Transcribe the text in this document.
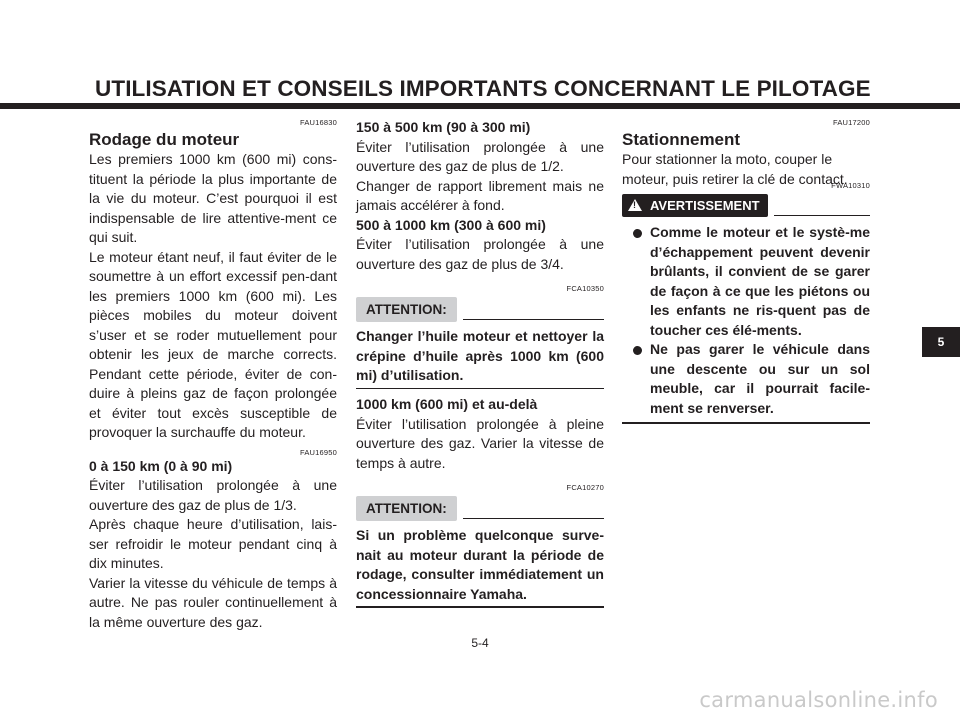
UTILISATION ET CONSEILS IMPORTANTS CONCERNANT LE PILOTAGE
FAU16830
Rodage du moteur

Les premiers 1000 km (600 mi) cons-tituent la période la plus importante de la vie du moteur. C’est pourquoi il est indispensable de lire attentive-ment ce qui suit.

Le moteur étant neuf, il faut éviter de le soumettre à un effort excessif pen-dant les premiers 1000 km (600 mi). Les pièces mobiles du moteur doivent s’user et se roder mutuellement pour obtenir les jeux de marche corrects. Pendant cette période, éviter de con-duire à pleins gaz de façon prolongée et éviter tout excès susceptible de provoquer la surchauffe du moteur.

FAU16950
0 à 150 km (0 à 90 mi)

Éviter l’utilisation prolongée à une ouverture des gaz de plus de 1/3.

Après chaque heure d’utilisation, lais-ser refroidir le moteur pendant cinq à dix minutes.

Varier la vitesse du véhicule de temps à autre. Ne pas rouler continuellement à la même ouverture des gaz.

150 à 500 km (90 à 300 mi)

Éviter l’utilisation prolongée à une ouverture des gaz de plus de 1/2.

Changer de rapport librement mais ne jamais accélérer à fond.

500 à 1000 km (300 à 600 mi)

Éviter l’utilisation prolongée à une ouverture des gaz de plus de 3/4.

FCA10350
ATTENTION:
Changer l’huile moteur et nettoyer la crépine d’huile après 1000 km (600 mi) d’utilisation.
1000 km (600 mi) et au-delà

Éviter l’utilisation prolongée à pleine ouverture des gaz. Varier la vitesse de temps à autre.

FCA10270
ATTENTION:
Si un problème quelconque surve-nait au moteur durant la période de rodage, consulter immédiatement un concessionnaire Yamaha.
FAU17200
Stationnement

Pour stationner la moto, couper le moteur, puis retirer la clé de contact.

FWA10310
!
AVERTISSEMENT
Comme le moteur et le systè-me d’échappement peuvent devenir brûlants, il convient de se garer de façon à ce que les piétons ou les enfants ne ris-quent pas de toucher ces élé-ments.
Ne pas garer le véhicule dans une descente ou sur un sol meuble, car il pourrait facile-ment se renverser.
5
5-4
carmanualsonline.info
